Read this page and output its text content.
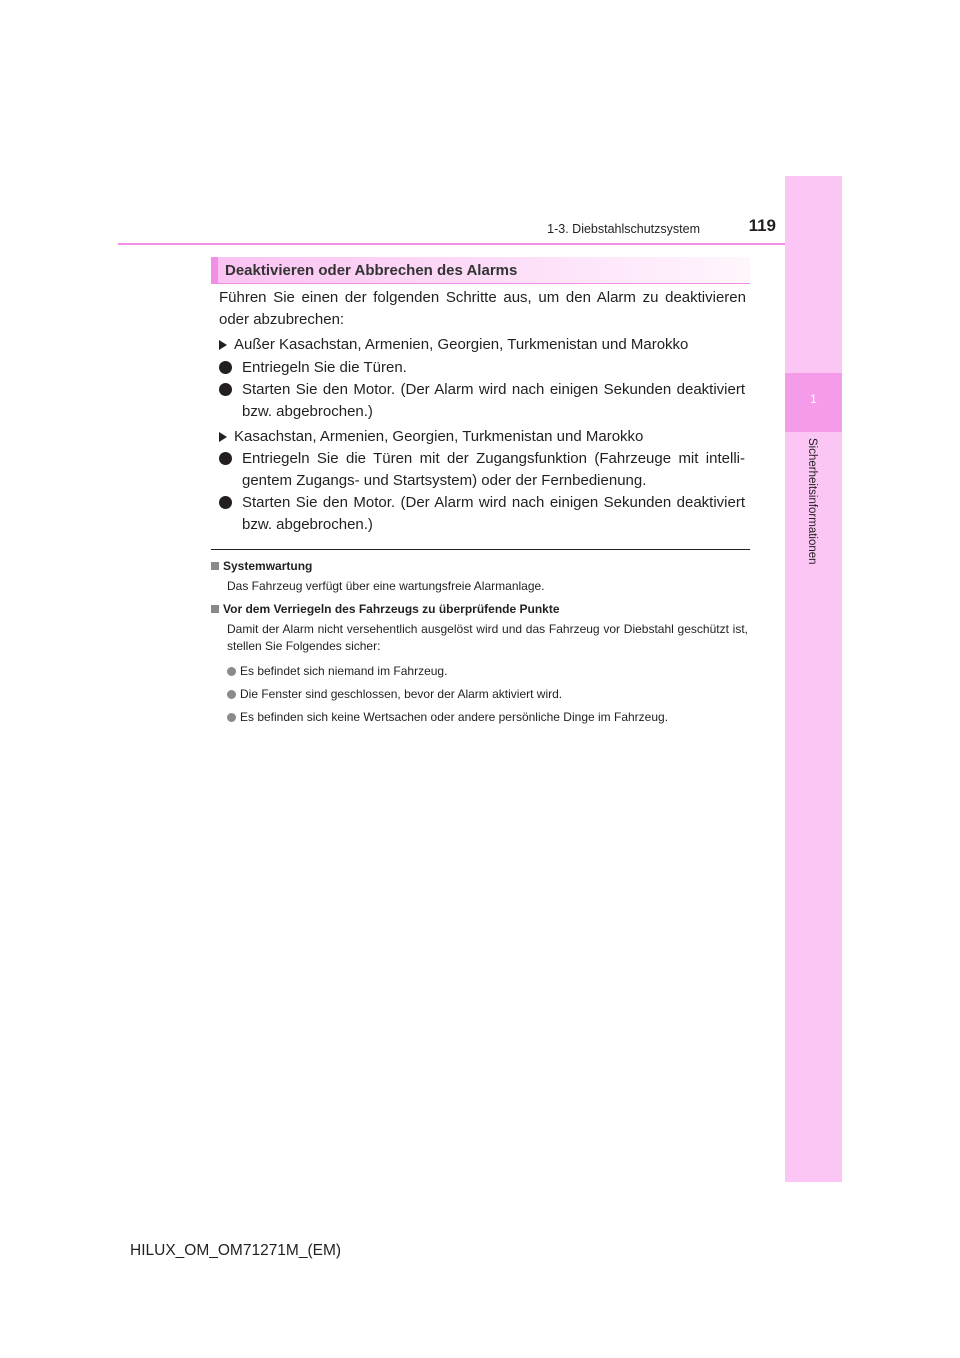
1-3. Diebstahlschutzsystem	119
1
Sicherheitsinformationen
Deaktivieren oder Abbrechen des Alarms
Führen Sie einen der folgenden Schritte aus, um den Alarm zu deaktivieren oder abzubrechen:
Außer Kasachstan, Armenien, Georgien, Turkmenistan und Marokko
Entriegeln Sie die Türen.
Starten Sie den Motor. (Der Alarm wird nach einigen Sekunden deaktiviert bzw. abgebrochen.)
Kasachstan, Armenien, Georgien, Turkmenistan und Marokko
Entriegeln Sie die Türen mit der Zugangsfunktion (Fahrzeuge mit intelli-gentem Zugangs- und Startsystem) oder der Fernbedienung.
Starten Sie den Motor. (Der Alarm wird nach einigen Sekunden deaktiviert bzw. abgebrochen.)
Systemwartung
Das Fahrzeug verfügt über eine wartungsfreie Alarmanlage.
Vor dem Verriegeln des Fahrzeugs zu überprüfende Punkte
Damit der Alarm nicht versehentlich ausgelöst wird und das Fahrzeug vor Diebstahl geschützt ist, stellen Sie Folgendes sicher:
Es befindet sich niemand im Fahrzeug.
Die Fenster sind geschlossen, bevor der Alarm aktiviert wird.
Es befinden sich keine Wertsachen oder andere persönliche Dinge im Fahrzeug.
HILUX_OM_OM71271M_(EM)
